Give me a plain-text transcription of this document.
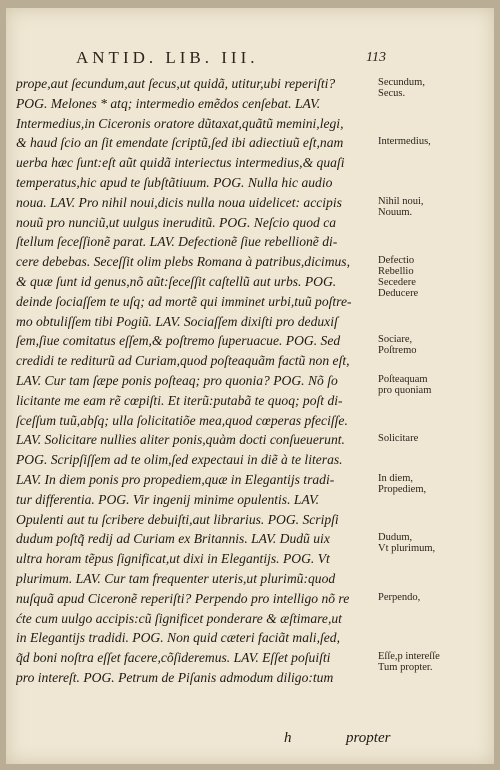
ANTID. LIB. III.	113
prope,aut ſecundum,aut ſecus,ut quidã, utitur,ubi reperiſti?
POG. Melones * atq; intermedio emẽdos cenſebat. LAV.
Intermedius,in Ciceronis oratore dũtaxat,quãtũ memini,legi,
& haud ſcio an ſit emendate ſcriptũ,ſed ibi adiectiuũ eſt,nam
uerba hæc ſunt:eſt aũt quidã interiectus intermedius,& quaſi
temperatus,hic apud te ſubſtãtiuum. POG. Nulla hic audio
noua. LAV. Pro nihil noui,dicis nulla noua uidelicet: accipis
nouũ pro nunciũ,ut uulgus ineruditũ. POG. Neſcio quod ca
ſtellum ſeceſſionẽ parat. LAV. Defectionẽ ſiue rebellionẽ di-
cere debebas. Seceſſit olim plebs Romana à patribus,dicimus,
& quæ ſunt id genus,nõ aũt:ſeceſſit caſtellũ aut urbs. POG.
deinde ſociaſſem te uſq; ad mortẽ qui imminet urbi,tuũ poſtre-
mo obtuliſſem tibi Pogiũ. LAV. Sociaſſem dixiſti pro deduxiſ
ſem,ſiue comitatus eſſem,& poſtremo ſuperuacue. POG. Sed
credidi te rediturũ ad Curiam,quod poſteaquãm factũ non eſt,
LAV. Cur tam ſæpe ponis poſteaq; pro quonia? POG. Nõ ſo
licitante me eam rẽ cœpiſti. Et iterũ:putabã te quoq; poſt di-
ſceſſum tuũ,abſq; ulla ſolicitatiõe mea,quod cœperas pfeciſſe.
LAV. Solicitare nullies aliter ponis,quàm docti conſueuerunt.
POG. Scripſiſſem ad te olim,ſed expectaui in diẽ à te literas.
LAV. In diem ponis pro propediem,quæ in Elegantijs tradi-
tur differentia. POG. Vir ingenij minime opulentis. LAV.
Opulenti aut tu ſcribere debuiſti,aut librarius. POG. Scripſi
dudum poſtq̃ redij ad Curiam ex Britannis. LAV. Dudũ uix
ultra horam tẽpus ſignificat,ut dixi in Elegantijs. POG. Vt
plurimum. LAV. Cur tam frequenter uteris,ut plurimũ:quod
nuſquã apud Ciceronẽ reperiſti? Perpendo pro intelligo nõ re
ćte cum uulgo accipis:cũ ſignificet ponderare & æſtimare,ut
in Elegantijs tradidi. POG. Non quid cæteri faciãt mali,ſed,
q̃d boni noſtra eſſet facere,cõſideremus. LAV. Eſſet poſuiſti
pro intereſt. POG. Petrum de Piſanis admodum diligo:tum
Secundum,
Secus.
Intermedius,
Nihil noui,
Nouum.
Defectio
Rebellio
Secedere
Deducere
Sociare,
Poſtremo
Poſteaquam
pro quoniam
Solicitare
In diem,
Propediem,
Dudum,
Vt plurimum,
Perpendo,
Eſſe,p intereſſe
Tum propter.
h	propter
